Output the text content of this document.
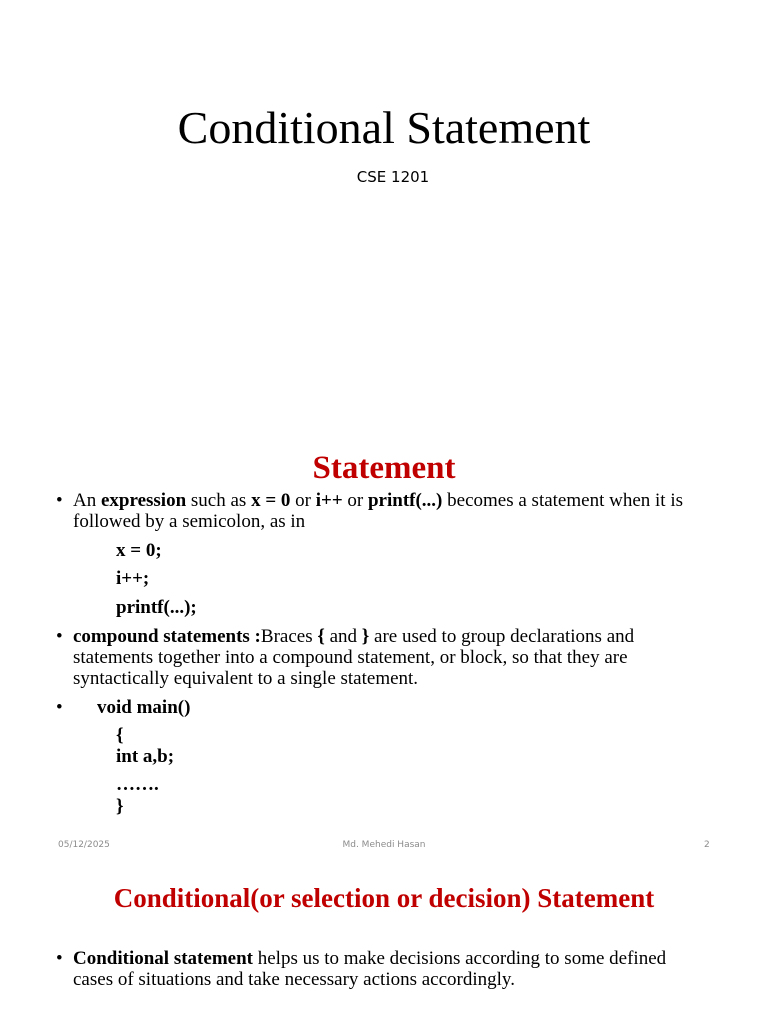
Conditional Statement
CSE 1201
Statement
• An expression such as x = 0 or i++ or printf(...) becomes a statement when it is followed by a semicolon, as in
x = 0;
i++;
printf(...);
• compound statements :Braces { and } are used to group declarations and statements together into a compound statement, or block, so that they are syntactically equivalent to a single statement.
• void main()
{
int a,b;
…….
}
05/12/2025	Md. Mehedi Hasan	2
Conditional(or selection or decision) Statement
• Conditional statement helps us to make decisions according to some defined cases of situations and take necessary actions accordingly.
